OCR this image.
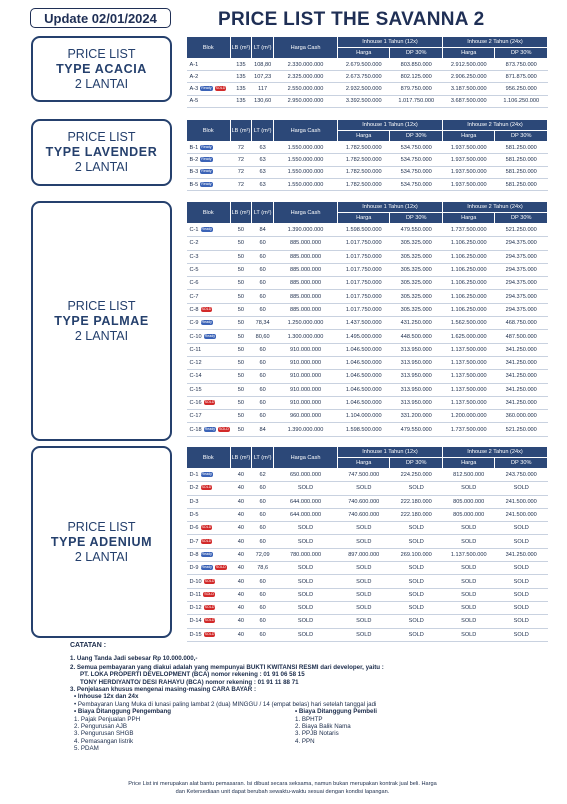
Update 02/01/2024	PRICE LIST THE SAVANNA 2
PRICE LIST
TYPE ACACIA
2 LANTAI
Blok	LB (m²)	LT (m²)	Harga Cash	Inhouse 1 Tahun (12x)		Inhouse 2 Tahun (24x)	
				Harga	DP 30%	Harga	DP 30%
A-1	135	108,80	2.330.000.000	2.679.500.000	803.850.000	2.912.500.000	873.750.000
A-2	135	107,23	2.325.000.000	2.673.750.000	802.125.000	2.906.250.000	871.875.000
A-3 Ready SOLD	135	117	2.550.000.000	2.932.500.000	879.750.000	3.187.500.000	956.250.000
A-5	135	130,60	2.950.000.000	3.392.500.000	1.017.750.000	3.687.500.000	1.106.250.000
PRICE LIST
TYPE LAVENDER
2 LANTAI
Blok	LB (m²)	LT (m²)	Harga Cash	Inhouse 1 Tahun (12x)		Inhouse 2 Tahun (24x)	
				Harga	DP 30%	Harga	DP 30%
B-1 Ready	72	63	1.550.000.000	1.782.500.000	534.750.000	1.937.500.000	581.250.000
B-2 Ready	72	63	1.550.000.000	1.782.500.000	534.750.000	1.937.500.000	581.250.000
B-3 Ready	72	63	1.550.000.000	1.782.500.000	534.750.000	1.937.500.000	581.250.000
B-5 Ready	72	63	1.550.000.000	1.782.500.000	534.750.000	1.937.500.000	581.250.000
PRICE LIST
TYPE PALMAE
2 LANTAI
Blok	LB (m²)	LT (m²)	Harga Cash	Inhouse 1 Tahun (12x)		Inhouse 2 Tahun (24x)	
				Harga	DP 30%	Harga	DP 30%
C-1 Ready	50	84	1.390.000.000	1.598.500.000	479.550.000	1.737.500.000	521.250.000
C-2	50	60	885.000.000	1.017.750.000	305.325.000	1.106.250.000	294.375.000
C-3	50	60	885.000.000	1.017.750.000	305.325.000	1.106.250.000	294.375.000
C-5	50	60	885.000.000	1.017.750.000	305.325.000	1.106.250.000	294.375.000
C-6	50	60	885.000.000	1.017.750.000	305.325.000	1.106.250.000	294.375.000
C-7	50	60	885.000.000	1.017.750.000	305.325.000	1.106.250.000	294.375.000
C-8 SOLD	50	60	885.000.000	1.017.750.000	305.325.000	1.106.250.000	294.375.000
C-9 Ready	50	78,34	1.250.000.000	1.437.500.000	431.250.000	1.562.500.000	468.750.000
C-10 Ready	50	80,60	1.300.000.000	1.495.000.000	448.500.000	1.625.000.000	487.500.000
C-11	50	60	910.000.000	1.046.500.000	313.950.000	1.137.500.000	341.250.000
C-12	50	60	910.000.000	1.046.500.000	313.950.000	1.137.500.000	341.250.000
C-14	50	60	910.000.000	1.046.500.000	313.950.000	1.137.500.000	341.250.000
C-15	50	60	910.000.000	1.046.500.000	313.950.000	1.137.500.000	341.250.000
C-16 SOLD	50	60	910.000.000	1.046.500.000	313.950.000	1.137.500.000	341.250.000
C-17	50	60	960.000.000	1.104.000.000	331.200.000	1.200.000.000	360.000.000
C-18 Ready SOLD	50	84	1.390.000.000	1.598.500.000	479.550.000	1.737.500.000	521.250.000
PRICE LIST
TYPE ADENIUM
2 LANTAI
Blok	LB (m²)	LT (m²)	Harga Cash	Inhouse 1 Tahun (12x)		Inhouse 2 Tahun (24x)	
				Harga	DP 30%	Harga	DP 30%
D-1 Ready	40	62	650.000.000	747.500.000	224.250.000	812.500.000	243.750.000
D-2 SOLD	40	60	SOLD	SOLD	SOLD	SOLD	SOLD
D-3	40	60	644.000.000	740.600.000	222.180.000	805.000.000	241.500.000
D-5	40	60	644.000.000	740.600.000	222.180.000	805.000.000	241.500.000
D-6 SOLD	40	60	SOLD	SOLD	SOLD	SOLD	SOLD
D-7 SOLD	40	60	SOLD	SOLD	SOLD	SOLD	SOLD
D-8 Ready	40	72,09	780.000.000	897.000.000	269.100.000	1.137.500.000	341.250.000
D-9 Ready SOLD	40	78,6	SOLD	SOLD	SOLD	SOLD	SOLD
D-10 SOLD	40	60	SOLD	SOLD	SOLD	SOLD	SOLD
D-11 SOLD	40	60	SOLD	SOLD	SOLD	SOLD	SOLD
D-12 SOLD	40	60	SOLD	SOLD	SOLD	SOLD	SOLD
D-14 SOLD	40	60	SOLD	SOLD	SOLD	SOLD	SOLD
D-15 SOLD	40	60	SOLD	SOLD	SOLD	SOLD	SOLD
CATATAN :
1. Uang Tanda Jadi sebesar Rp 10.000.000,-
2. Semua pembayaran yang diakui adalah yang mempunyai BUKTI KWITANSI RESMI dari developer, yaitu :
PT. LOKA PROPERTI DEVELOPMENT (BCA) nomor rekening : 01 91 06 58 15
TONY HERDIYANTO/ DESI RAHAYU (BCA) nomor rekening : 01 91 11 88 71
3. Penjelasan khusus mengenai masing-masing CARA BAYAR :
• Inhouse 12x dan 24x
• Pembayaran Uang Muka di lunasi paling lambat 2 (dua) MINGGU / 14 (empat belas) hari setelah tanggal jadi
• Biaya Ditanggung Pengembang
1. Pajak Penjualan PPH
2. Pengurusan AJB
3. Pengurusan SHGB
4. Pemasangan listrik
5. PDAM
• Biaya Ditanggung Pembeli
1. BPHTP
2. Biaya Balik Nama
3. PPJB Notaris
4. PPN
Price List ini merupakan alat bantu pemasaran. Isi dibuat secara seksama, namun bukan merupakan kontrak jual beli. Harga
dan Ketersediaan unit dapat berubah sewaktu-waktu sesuai dengan kondisi lapangan.
